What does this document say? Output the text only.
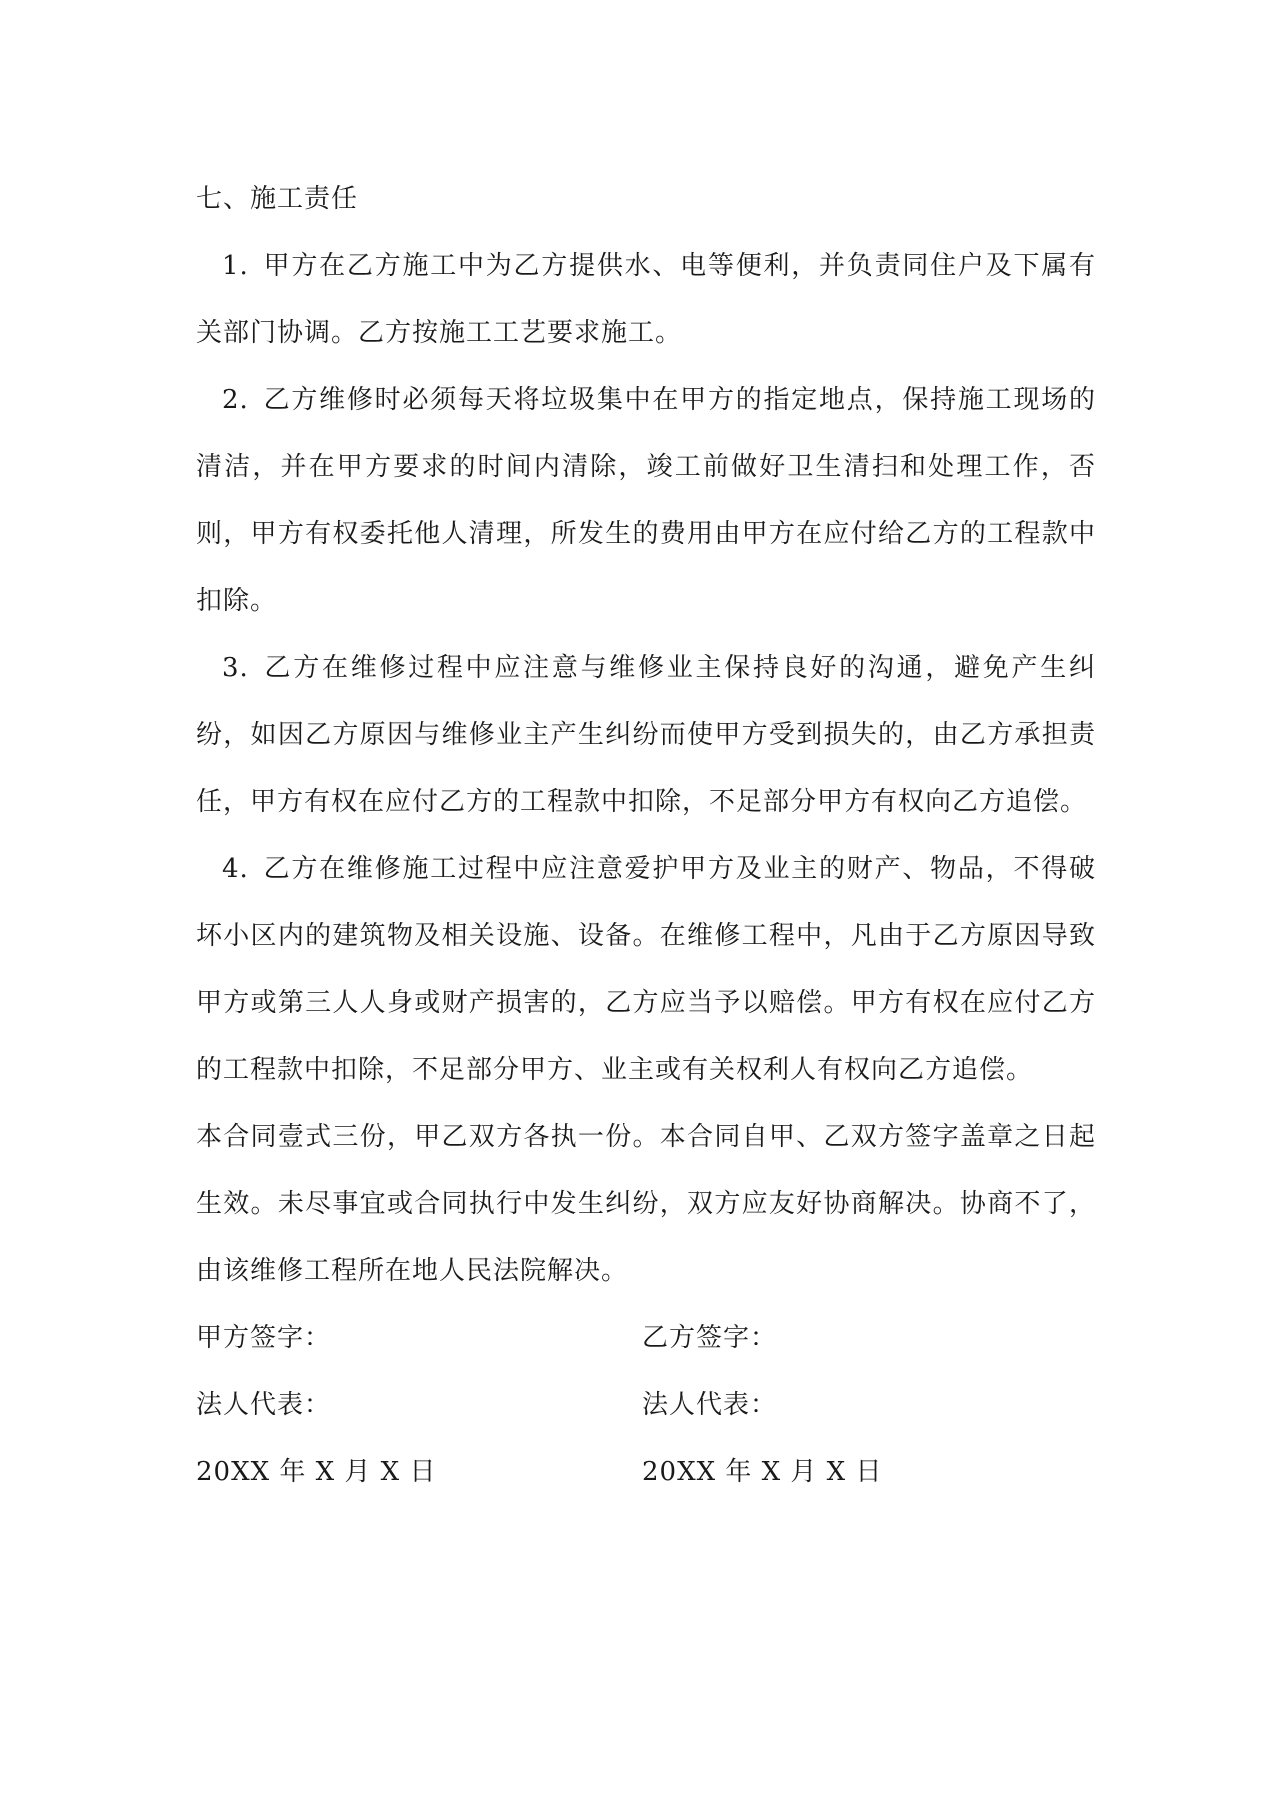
七、施工责任

1. 甲方在乙方施工中为乙方提供水、电等便利，并负责同住户及下属有关部门协调。乙方按施工工艺要求施工。

2. 乙方维修时必须每天将垃圾集中在甲方的指定地点，保持施工现场的清洁，并在甲方要求的时间内清除，竣工前做好卫生清扫和处理工作，否则，甲方有权委托他人清理，所发生的费用由甲方在应付给乙方的工程款中扣除。

3. 乙方在维修过程中应注意与维修业主保持良好的沟通，避免产生纠纷，如因乙方原因与维修业主产生纠纷而使甲方受到损失的，由乙方承担责任，甲方有权在应付乙方的工程款中扣除，不足部分甲方有权向乙方追偿。

4. 乙方在维修施工过程中应注意爱护甲方及业主的财产、物品，不得破坏小区内的建筑物及相关设施、设备。在维修工程中，凡由于乙方原因导致甲方或第三人人身或财产损害的，乙方应当予以赔偿。甲方有权在应付乙方的工程款中扣除，不足部分甲方、业主或有关权利人有权向乙方追偿。

本合同壹式三份，甲乙双方各执一份。本合同自甲、乙双方签字盖章之日起生效。未尽事宜或合同执行中发生纠纷，双方应友好协商解决。协商不了，由该维修工程所在地人民法院解决。

甲方签字：	乙方签字：
法人代表：	法人代表：
20XX 年 X 月 X 日	20XX 年 X 月 X 日
